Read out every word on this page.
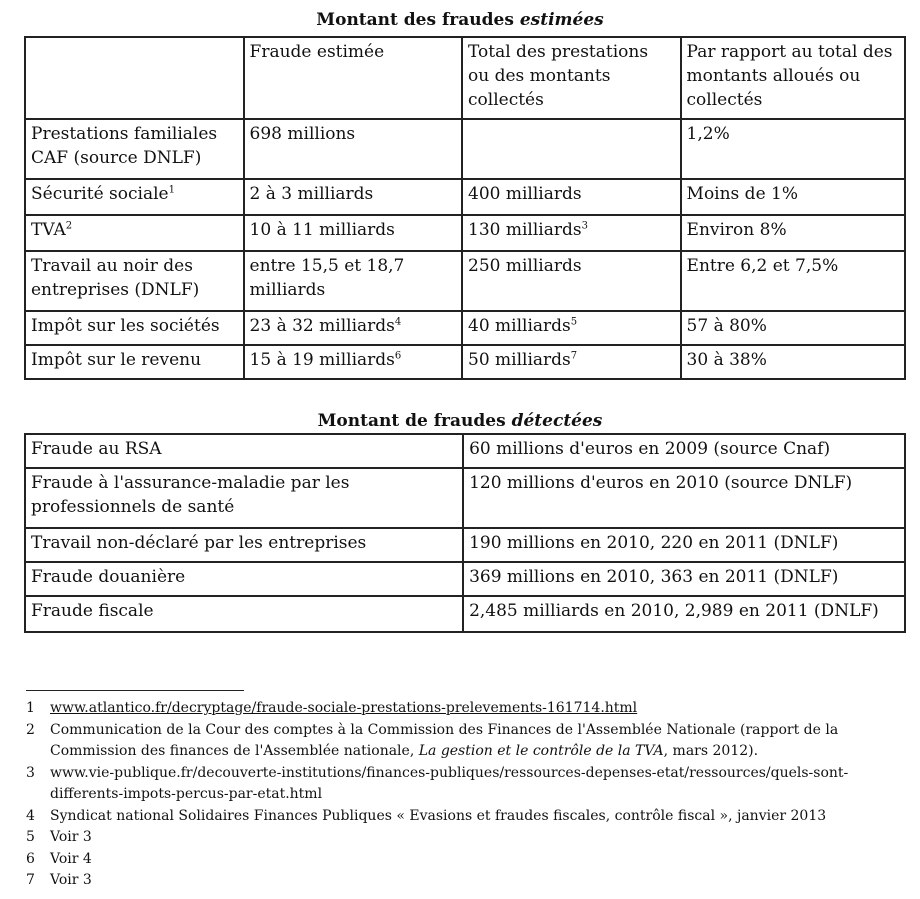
Montant des fraudes estimées
	Fraude estimée	Total des prestations ou des montants collectés	Par rapport au total des montants alloués ou collectés
Prestations familiales CAF (source DNLF)	698 millions		1,2%
Sécurité sociale$^1$	2 à 3 milliards	400 milliards	Moins de 1%
TVA$^2$	10 à 11 milliards	130 milliards$^3$	Environ 8%
Travail au noir des entreprises (DNLF)	entre 15,5 et 18,7 milliards	250 milliards	Entre 6,2 et 7,5%
Impôt sur les sociétés	23 à 32 milliards$^4$	40 milliards$^5$	57 à 80%
Impôt sur le revenu	15 à 19 milliards$^6$	50 milliards$^7$	30 à 38%
Montant de fraudes détectées
Fraude au RSA	60 millions d'euros en 2009 (source Cnaf)
Fraude à l'assurance-maladie par les professionnels de santé	120 millions d'euros en 2010 (source DNLF)
Travail non-déclaré par les entreprises	190 millions en 2010, 220 en 2011 (DNLF)
Fraude douanière	369 millions en 2010, 363 en 2011 (DNLF)
Fraude fiscale	2,485 milliards en 2010, 2,989 en 2011 (DNLF)
1	www.atlantico.fr/decryptage/fraude-sociale-prestations-prelevements-161714.html
2	Communication de la Cour des comptes à la Commission des Finances de l'Assemblée Nationale (rapport de la Commission des finances de l'Assemblée nationale, La gestion et le contrôle de la TVA, mars 2012).
3	www.vie-publique.fr/decouverte-institutions/finances-publiques/ressources-depenses-etat/ressources/quels-sont-differents-impots-percus-par-etat.html
4	Syndicat national Solidaires Finances Publiques « Evasions et fraudes fiscales, contrôle fiscal », janvier 2013
5	Voir 3
6	Voir 4
7	Voir 3
